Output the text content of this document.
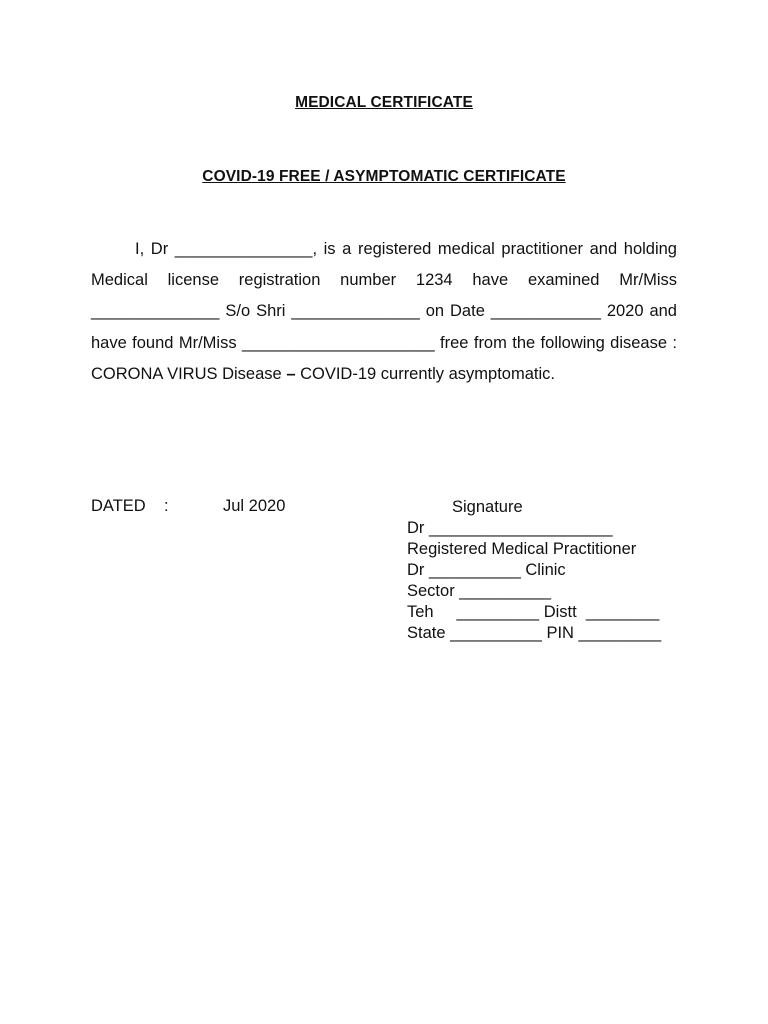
MEDICAL CERTIFICATE
COVID-19 FREE / ASYMPTOMATIC CERTIFICATE
I, Dr _______________, is a registered medical practitioner and holding Medical license registration number 1234 have examined Mr/Miss ______________ S/o Shri ______________ on Date ____________ 2020 and have found Mr/Miss _____________________ free from the following disease : CORONA VIRUS Disease – COVID-19 currently asymptomatic.
DATED :	Jul 2020	Signature
Dr ____________________
Registered Medical Practitioner
Dr __________ Clinic
Sector __________
Teh     _________ Distt  ________
State __________ PIN _________
